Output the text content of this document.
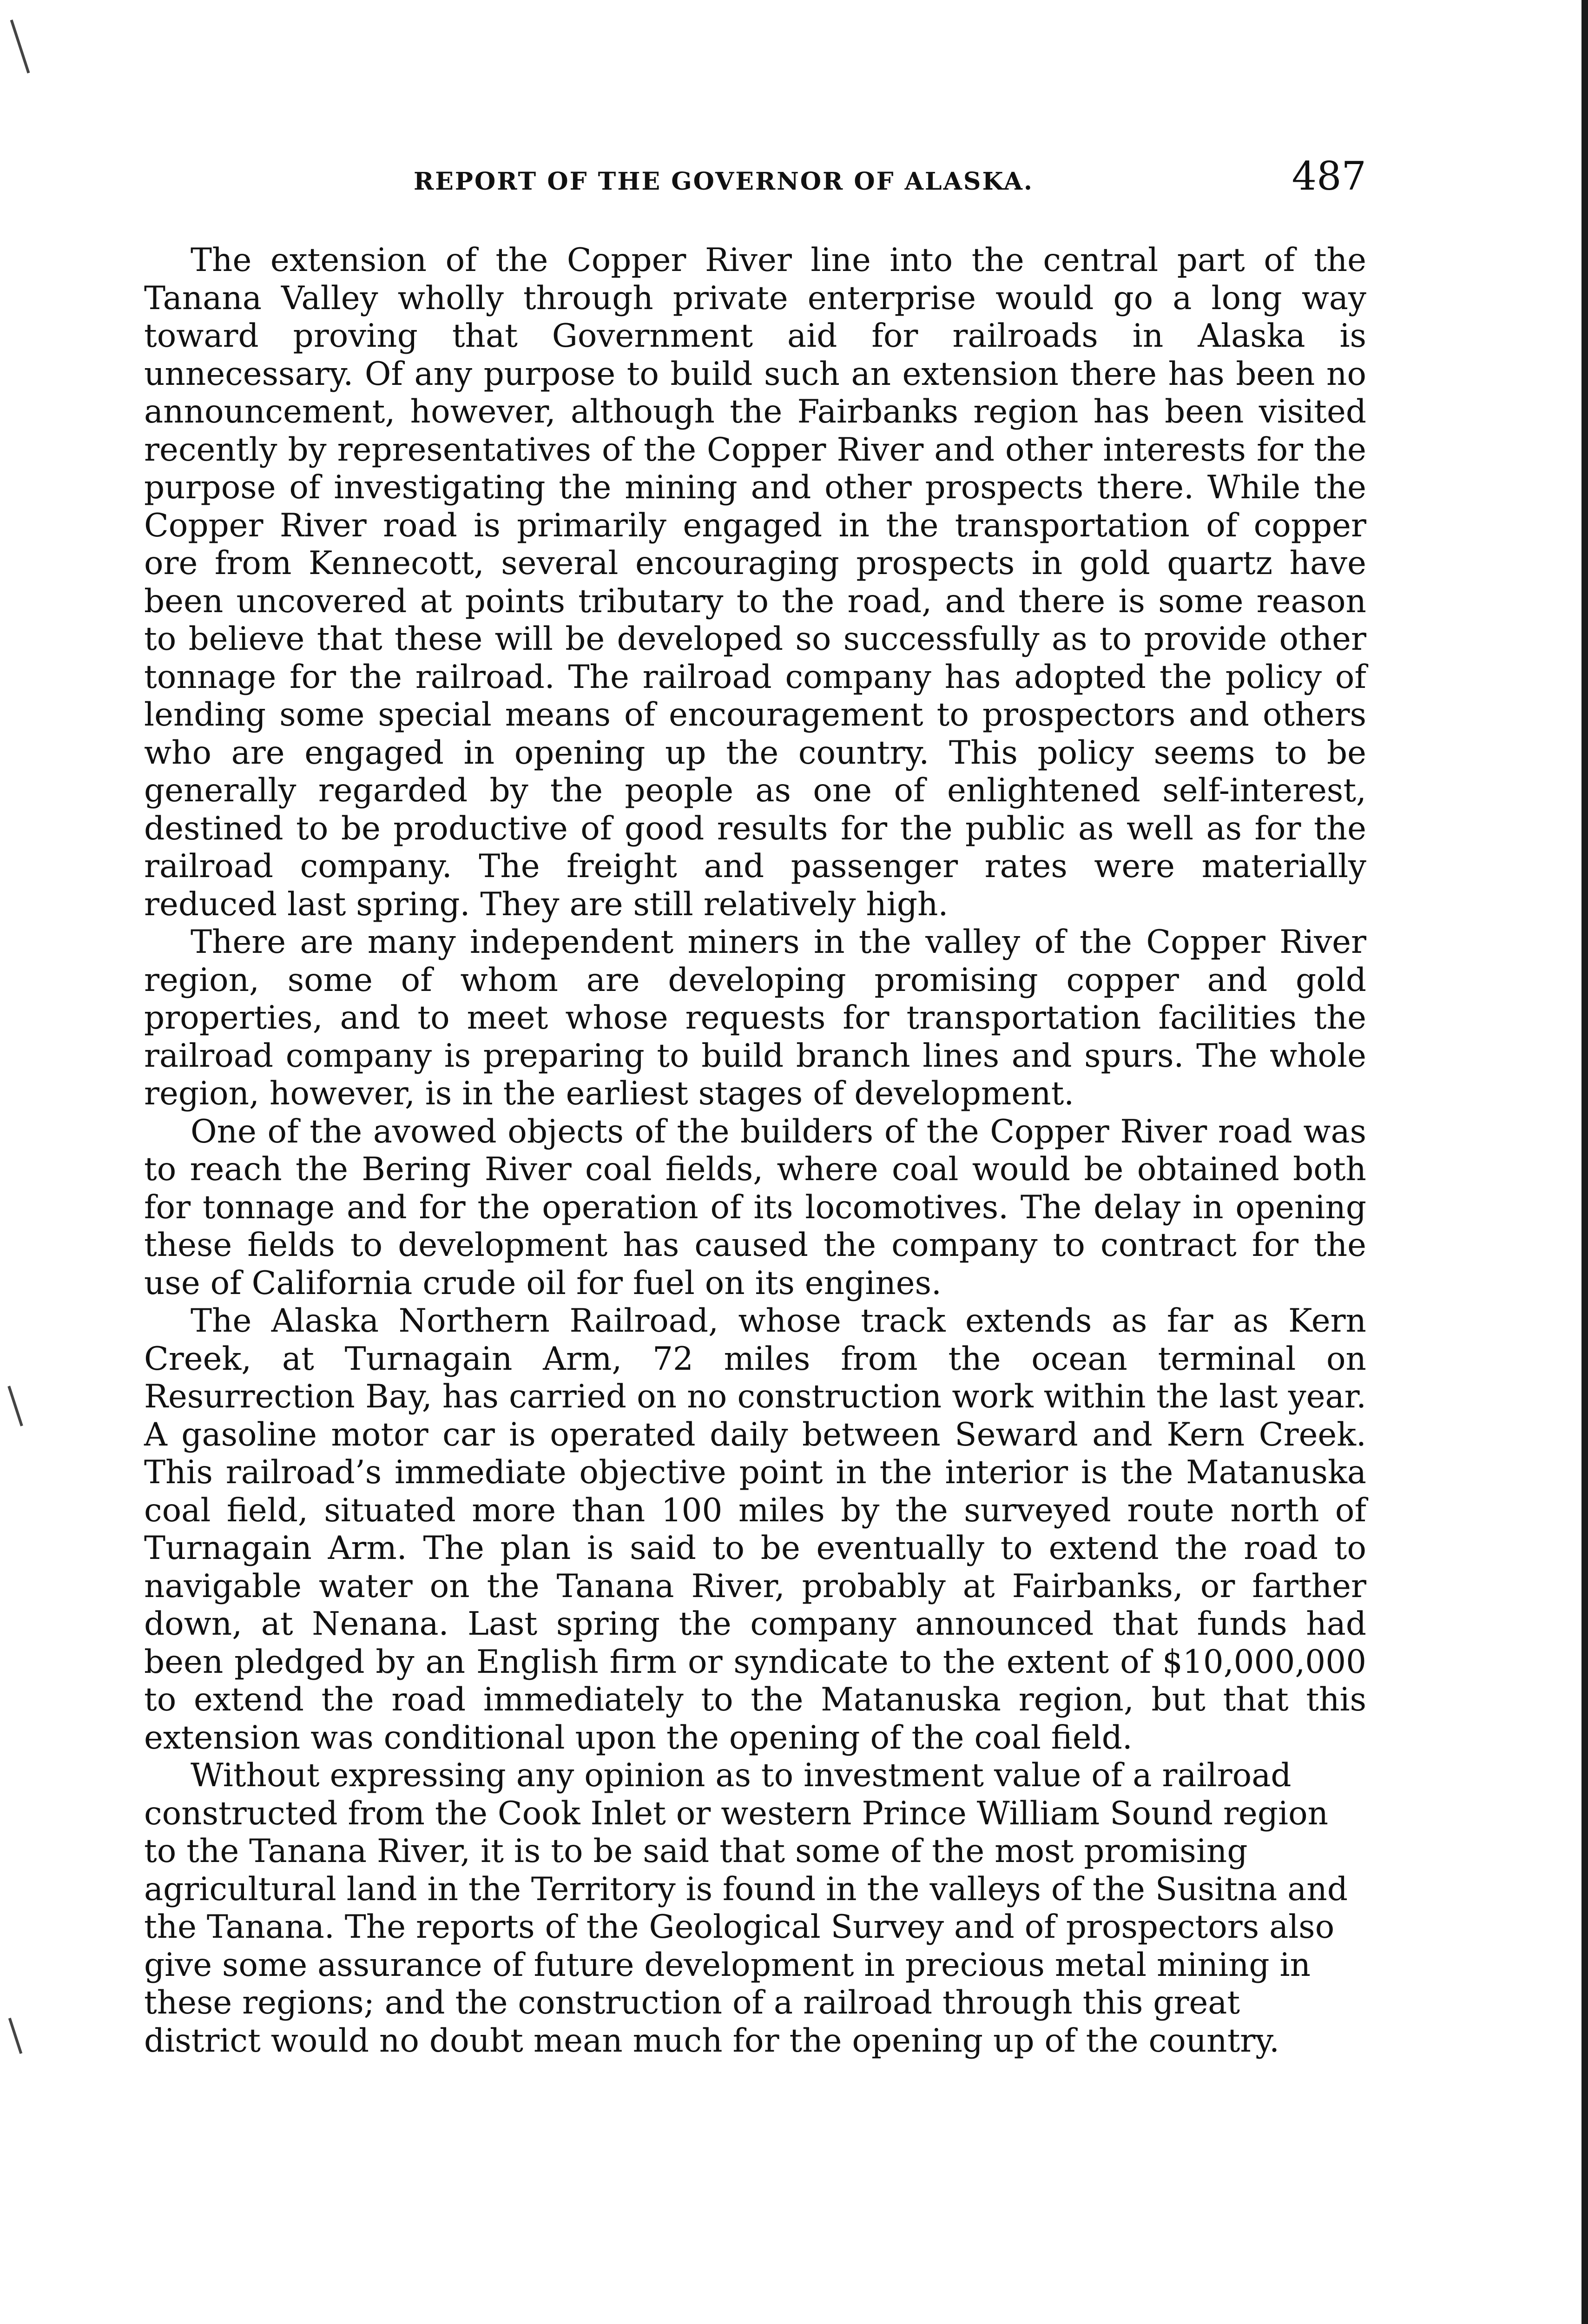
REPORT OF THE GOVERNOR OF ALASKA.	487

The extension of the Copper River line into the central part of the Tanana Valley wholly through private enterprise would go a long way toward proving that Government aid for railroads in Alaska is unnecessary. Of any purpose to build such an extension there has been no announcement, however, although the Fairbanks region has been visited recently by representatives of the Copper River and other interests for the purpose of investigating the mining and other prospects there. While the Copper River road is primarily engaged in the transportation of copper ore from Kennecott, several encouraging prospects in gold quartz have been uncovered at points tributary to the road, and there is some reason to believe that these will be developed so successfully as to provide other tonnage for the railroad. The railroad company has adopted the policy of lending some special means of encouragement to prospectors and others who are engaged in opening up the country. This policy seems to be generally regarded by the people as one of enlightened self-interest, destined to be productive of good results for the public as well as for the railroad company. The freight and passenger rates were materially reduced last spring. They are still relatively high.

There are many independent miners in the valley of the Copper River region, some of whom are developing promising copper and gold properties, and to meet whose requests for transportation facilities the railroad company is preparing to build branch lines and spurs. The whole region, however, is in the earliest stages of development.

One of the avowed objects of the builders of the Copper River road was to reach the Bering River coal fields, where coal would be obtained both for tonnage and for the operation of its locomotives. The delay in opening these fields to development has caused the company to contract for the use of California crude oil for fuel on its engines.

The Alaska Northern Railroad, whose track extends as far as Kern Creek, at Turnagain Arm, 72 miles from the ocean terminal on Resurrection Bay, has carried on no construction work within the last year. A gasoline motor car is operated daily between Seward and Kern Creek. This railroad’s immediate objective point in the interior is the Matanuska coal field, situated more than 100 miles by the surveyed route north of Turnagain Arm. The plan is said to be eventually to extend the road to navigable water on the Tanana River, probably at Fairbanks, or farther down, at Nenana. Last spring the company announced that funds had been pledged by an English firm or syndicate to the extent of $10,000,000 to extend the road immediately to the Matanuska region, but that this extension was conditional upon the opening of the coal field.

Without expressing any opinion as to investment value of a railroad constructed from the Cook Inlet or western Prince William Sound region to the Tanana River, it is to be said that some of the most promising agricultural land in the Territory is found in the valleys of the Susitna and the Tanana. The reports of the Geological Survey and of prospectors also give some assurance of future development in precious metal mining in these regions; and the construction of a railroad through this great district would no doubt mean much for the opening up of the country.
